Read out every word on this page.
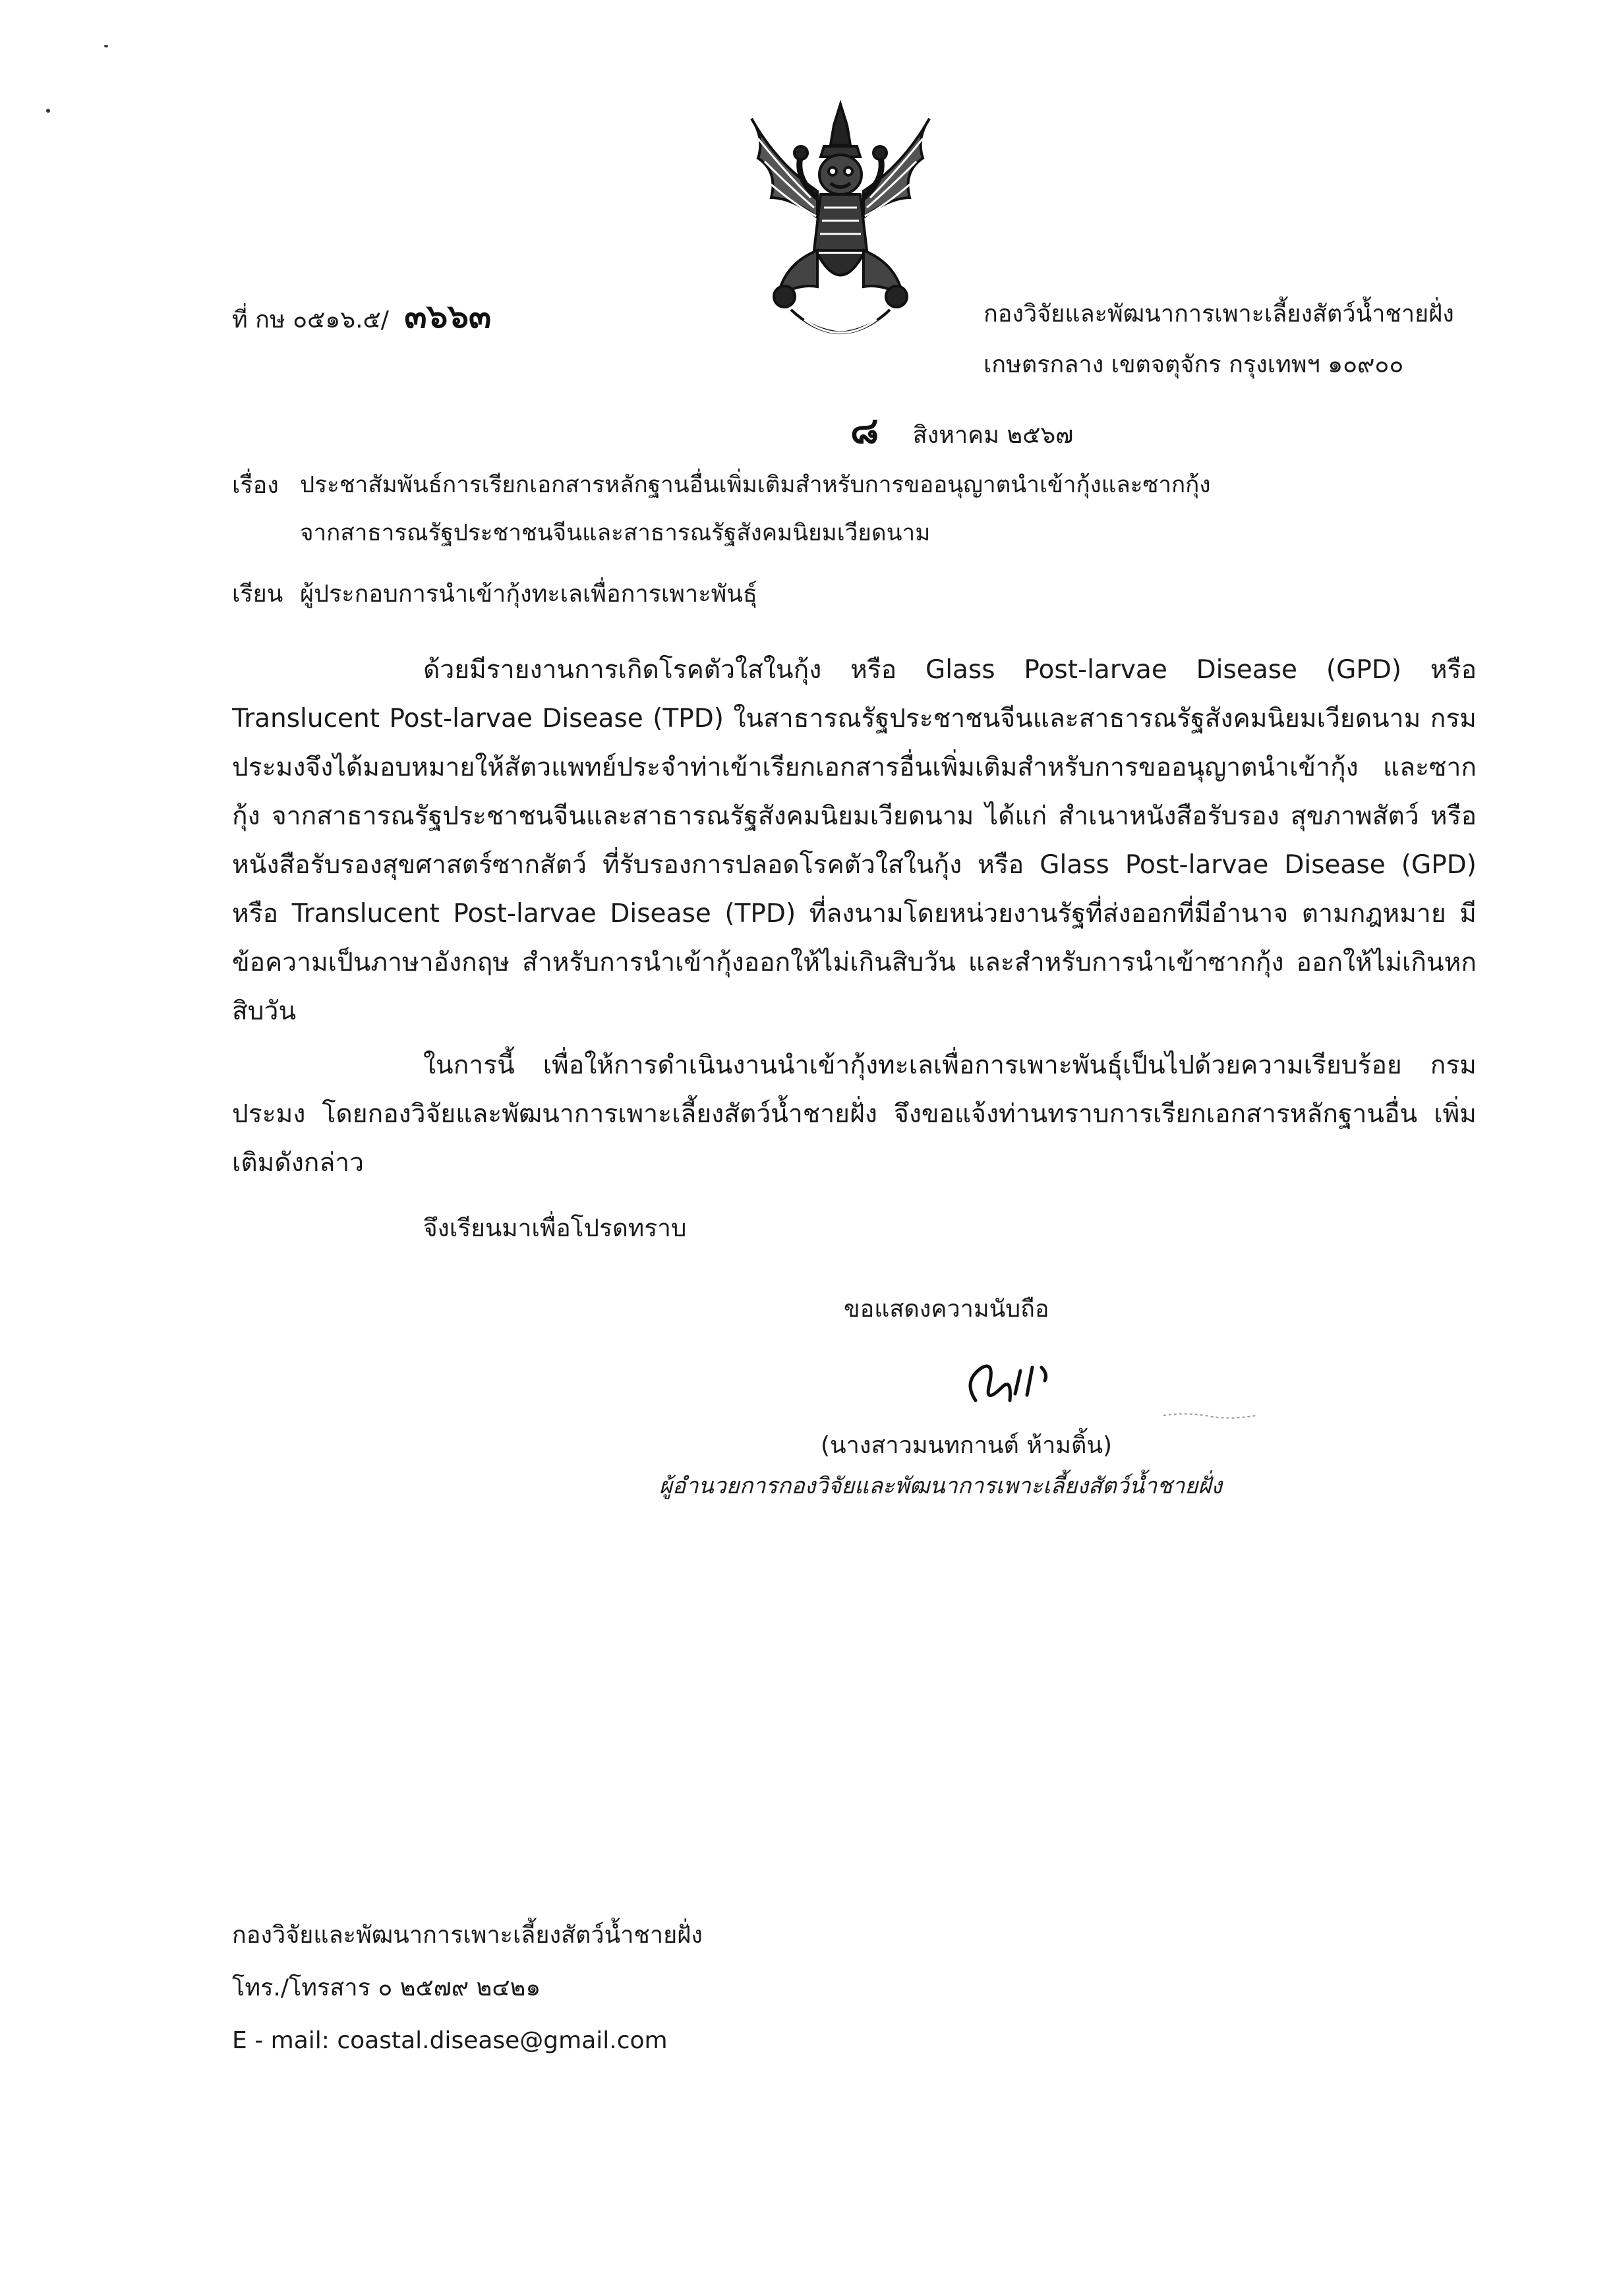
ที่ กษ ๐๕๑๖.๕/ ๓๖๖๓	กองวิจัยและพัฒนาการเพาะเลี้ยงสัตว์น้ำชายฝั่ง
เกษตรกลาง เขตจตุจักร กรุงเทพฯ ๑๐๙๐๐
๘ สิงหาคม ๒๕๖๗
เรื่อง ประชาสัมพันธ์การเรียกเอกสารหลักฐานอื่นเพิ่มเติมสำหรับการขออนุญาตนำเข้ากุ้งและซากกุ้ง
จากสาธารณรัฐประชาชนจีนและสาธารณรัฐสังคมนิยมเวียดนาม
เรียน ผู้ประกอบการนำเข้ากุ้งทะเลเพื่อการเพาะพันธุ์
ด้วยมีรายงานการเกิดโรคตัวใสในกุ้ง หรือ Glass Post-larvae Disease (GPD) หรือ Translucent Post-larvae Disease (TPD) ในสาธารณรัฐประชาชนจีนและสาธารณรัฐสังคมนิยมเวียดนาม กรมประมงจึงได้มอบหมายให้สัตวแพทย์ประจำท่าเข้าเรียกเอกสารอื่นเพิ่มเติมสำหรับการขออนุญาตนำเข้ากุ้ง และซากกุ้ง จากสาธารณรัฐประชาชนจีนและสาธารณรัฐสังคมนิยมเวียดนาม ได้แก่ สำเนาหนังสือรับรอง สุขภาพสัตว์ หรือหนังสือรับรองสุขศาสตร์ซากสัตว์ ที่รับรองการปลอดโรคตัวใสในกุ้ง หรือ Glass Post-larvae Disease (GPD) หรือ Translucent Post-larvae Disease (TPD) ที่ลงนามโดยหน่วยงานรัฐที่ส่งออกที่มีอำนาจ ตามกฎหมาย มีข้อความเป็นภาษาอังกฤษ สำหรับการนำเข้ากุ้งออกให้ไม่เกินสิบวัน และสำหรับการนำเข้าซากกุ้ง ออกให้ไม่เกินหกสิบวัน
ในการนี้ เพื่อให้การดำเนินงานนำเข้ากุ้งทะเลเพื่อการเพาะพันธุ์เป็นไปด้วยความเรียบร้อย กรมประมง โดยกองวิจัยและพัฒนาการเพาะเลี้ยงสัตว์น้ำชายฝั่ง จึงขอแจ้งท่านทราบการเรียกเอกสารหลักฐานอื่น เพิ่มเติมดังกล่าว
จึงเรียนมาเพื่อโปรดทราบ
ขอแสดงความนับถือ
(นางสาวมนทกานต์ ห้ามติ้น)
ผู้อำนวยการกองวิจัยและพัฒนาการเพาะเลี้ยงสัตว์น้ำชายฝั่ง
กองวิจัยและพัฒนาการเพาะเลี้ยงสัตว์น้ำชายฝั่ง
โทร./โทรสาร ๐ ๒๕๗๙ ๒๔๒๑
E - mail: coastal.disease@gmail.com
